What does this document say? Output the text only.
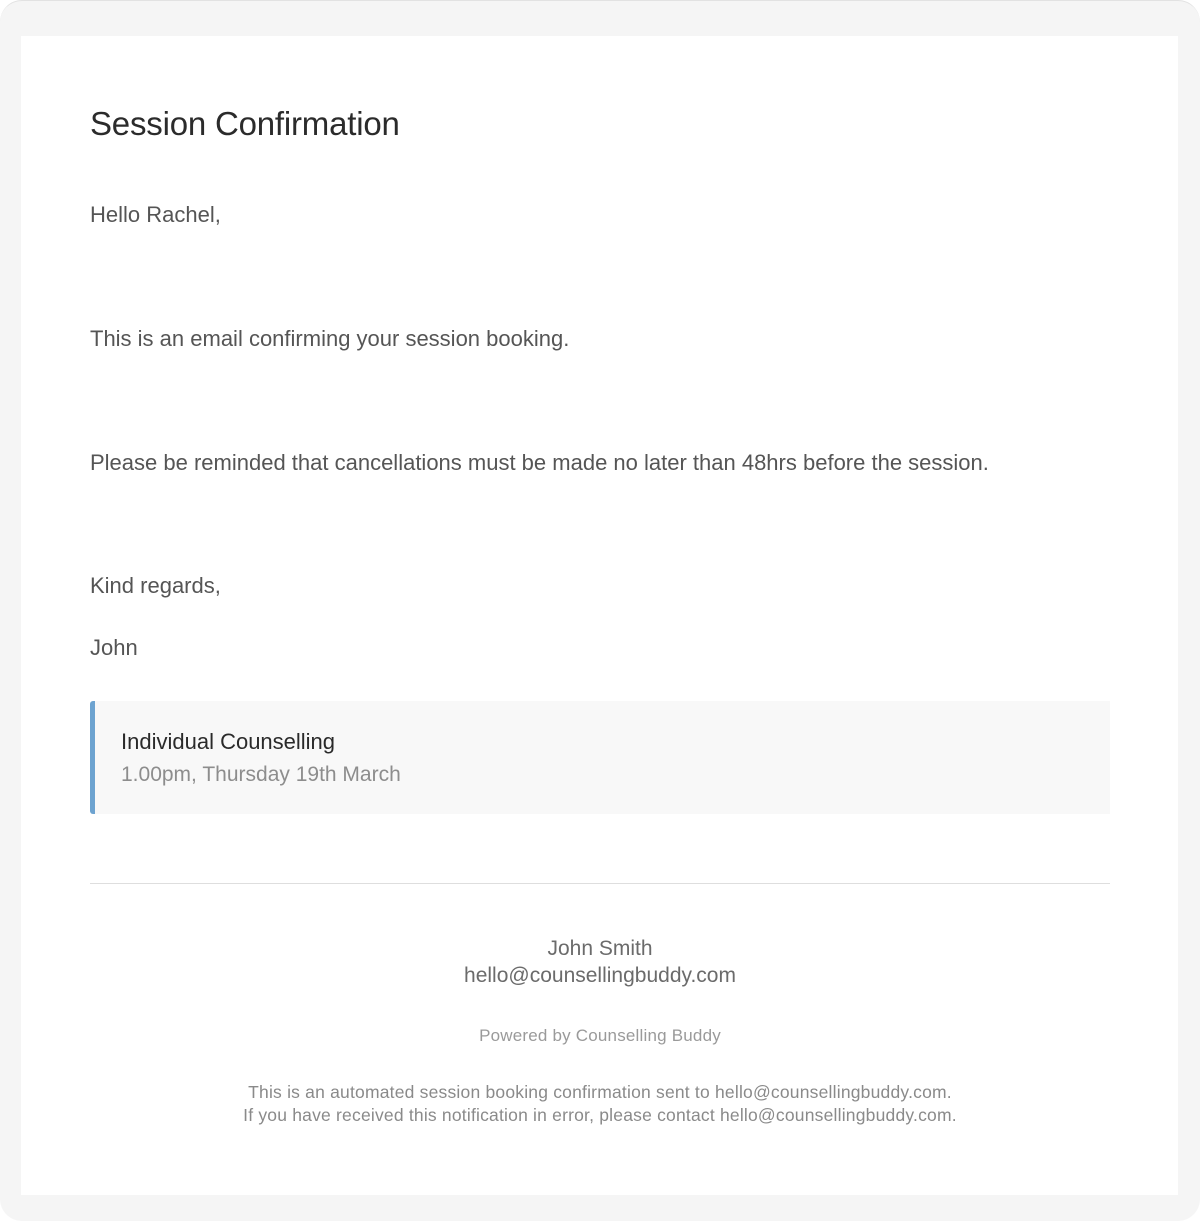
Session Confirmation

Hello Rachel,

This is an email confirming your session booking.

Please be reminded that cancellations must be made no later than 48hrs before the session.

Kind regards,

John

Individual Counselling
1.00pm, Thursday 19th March

John Smith

hello@counsellingbuddy.com

Powered by Counselling Buddy

This is an automated session booking confirmation sent to hello@counsellingbuddy.com.

If you have received this notification in error, please contact hello@counsellingbuddy.com.
